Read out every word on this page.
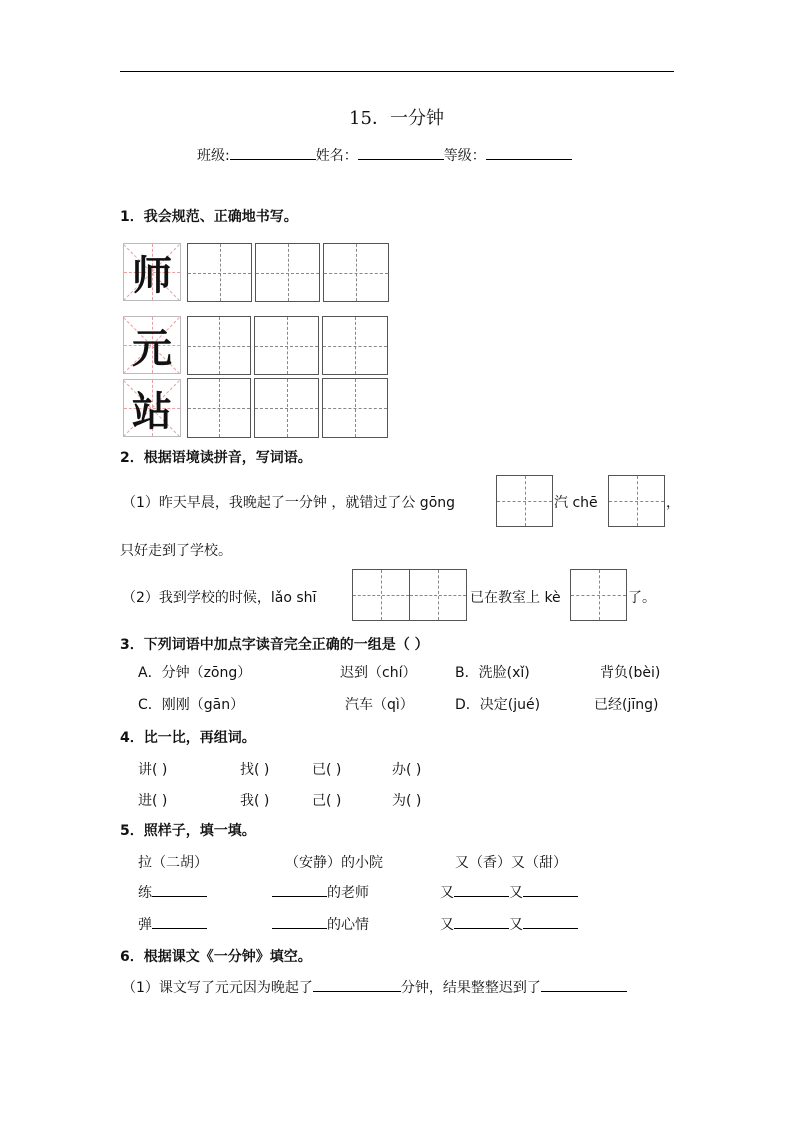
15．一分钟
班级:	姓名：	等级：
1．我会规范、正确地书写。
师
元
站
2．根据语境读拼音，写词语。
（1）昨天早晨，我晚起了一分钟 ，就错过了公 gōng	汽 chē	，
只好走到了学校。
（2）我到学校的时候，lǎo shī	已在教室上 kè	了。
3．下列词语中加点字读音完全正确的一组是（ ）
A．分钟（zōng）	迟到（chí）	B．洗脸(xǐ)	背负(bèi)
C．刚刚（gān）	汽车（qì）	D．决定(jué)	已经(jīng)
4．比一比，再组词。
讲( )	找( )	已( )	办( )
进( )	我( )	己( )	为( )
5．照样子，填一填。
拉（二胡）	（安静）的小院	又（香）又（甜）
练	的老师	又	又
弹	的心情	又	又
6．根据课文《一分钟》填空。
（1）课文写了元元因为晚起了	分钟，结果整整迟到了
